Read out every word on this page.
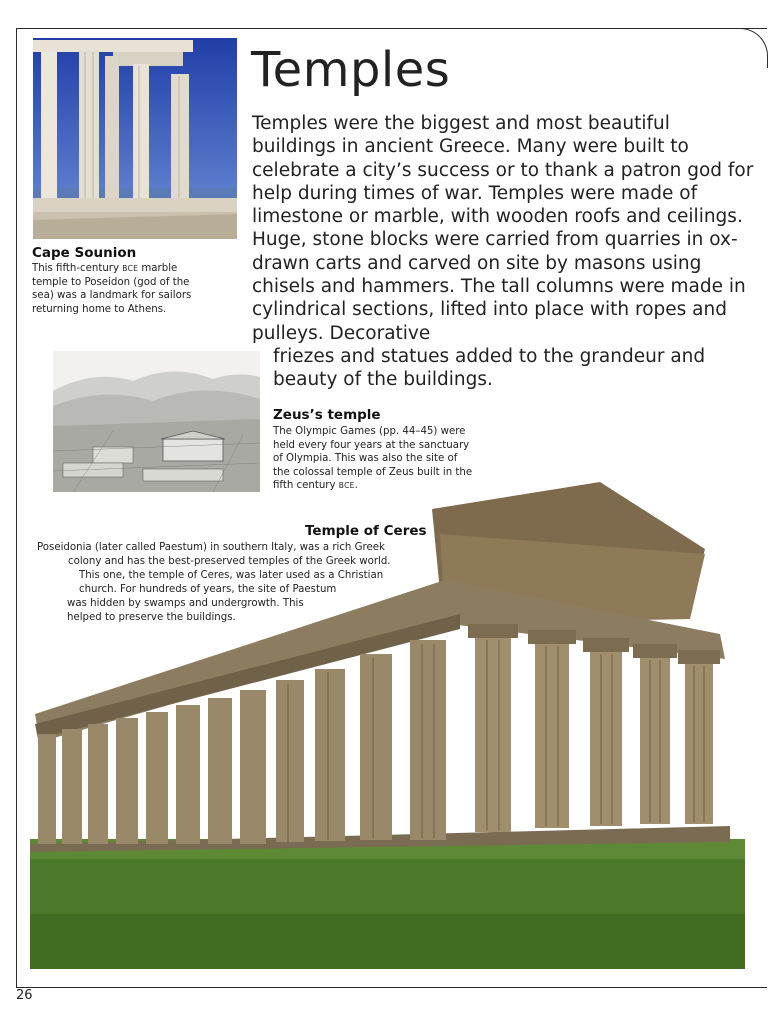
Cape Sounion

This fifth-century BCE marble temple to Poseidon (god of the sea) was a landmark for sailors returning home to Athens.

Temples

Temples were the biggest and most beautiful buildings in ancient Greece. Many were built to celebrate a city’s success or to thank a patron god for help during times of war. Temples were made of limestone or marble, with wooden roofs and ceilings. Huge, stone blocks were carried from quarries in ox-drawn carts and carved on site by masons using chisels and hammers. The tall columns were made in cylindrical sections, lifted into place with ropes and pulleys. Decorative
friezes and statues added to the grandeur and
beauty of the buildings.

Zeus’s temple

The Olympic Games (pp. 44–45) were held every four years at the sanctuary of Olympia. This was also the site of the colossal temple of Zeus built in the fifth century BCE.

Temple of Ceres

Poseidonia (later called Paestum) in southern Italy, was a rich Greek

colony and has the best-preserved temples of the Greek world.

This one, the temple of Ceres, was later used as a Christian

church. For hundreds of years, the site of Paestum

was hidden by swamps and undergrowth. This

helped to preserve the buildings.

26
